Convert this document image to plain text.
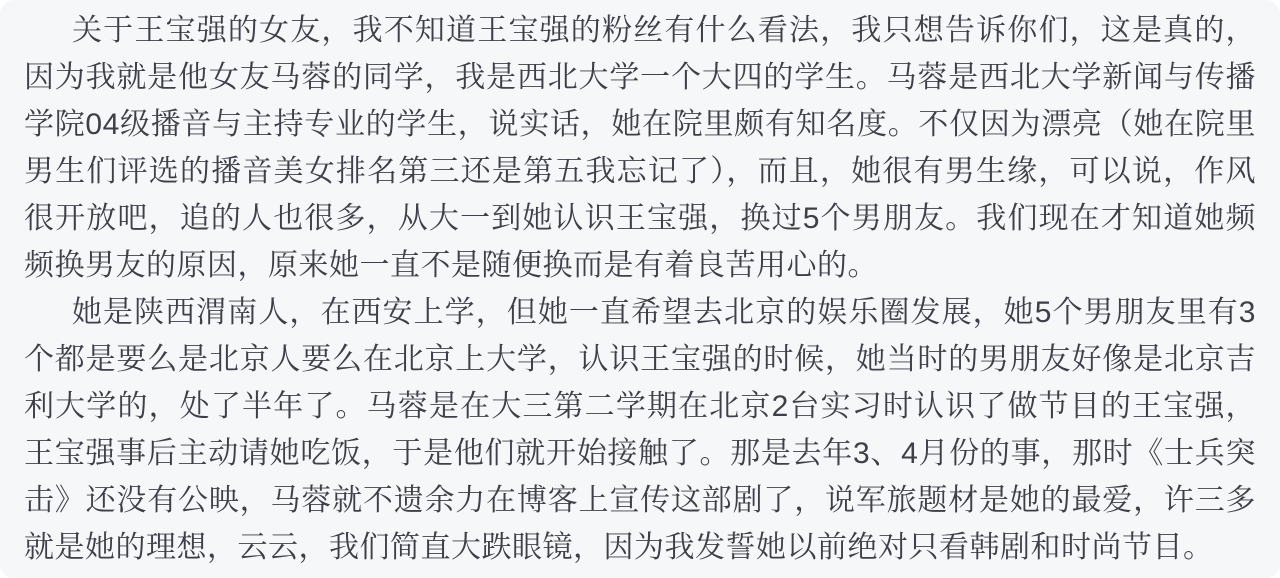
关于王宝强的女友，我不知道王宝强的粉丝有什么看法，我只想告诉你们，这是真的，因为我就是他女友马蓉的同学，我是西北大学一个大四的学生。马蓉是西北大学新闻与传播学院04级播音与主持专业的学生，说实话，她在院里颇有知名度。不仅因为漂亮（她在院里男生们评选的播音美女排名第三还是第五我忘记了），而且，她很有男生缘，可以说，作风很开放吧，追的人也很多，从大一到她认识王宝强，换过5个男朋友。我们现在才知道她频频换男友的原因，原来她一直不是随便换而是有着良苦用心的。

她是陕西渭南人，在西安上学，但她一直希望去北京的娱乐圈发展，她5个男朋友里有3个都是要么是北京人要么在北京上大学，认识王宝强的时候，她当时的男朋友好像是北京吉利大学的，处了半年了。马蓉是在大三第二学期在北京2台实习时认识了做节目的王宝强，王宝强事后主动请她吃饭，于是他们就开始接触了。那是去年3、4月份的事，那时《士兵突击》还没有公映，马蓉就不遗余力在博客上宣传这部剧了，说军旅题材是她的最爱，许三多就是她的理想，云云，我们简直大跌眼镜，因为我发誓她以前绝对只看韩剧和时尚节目。
